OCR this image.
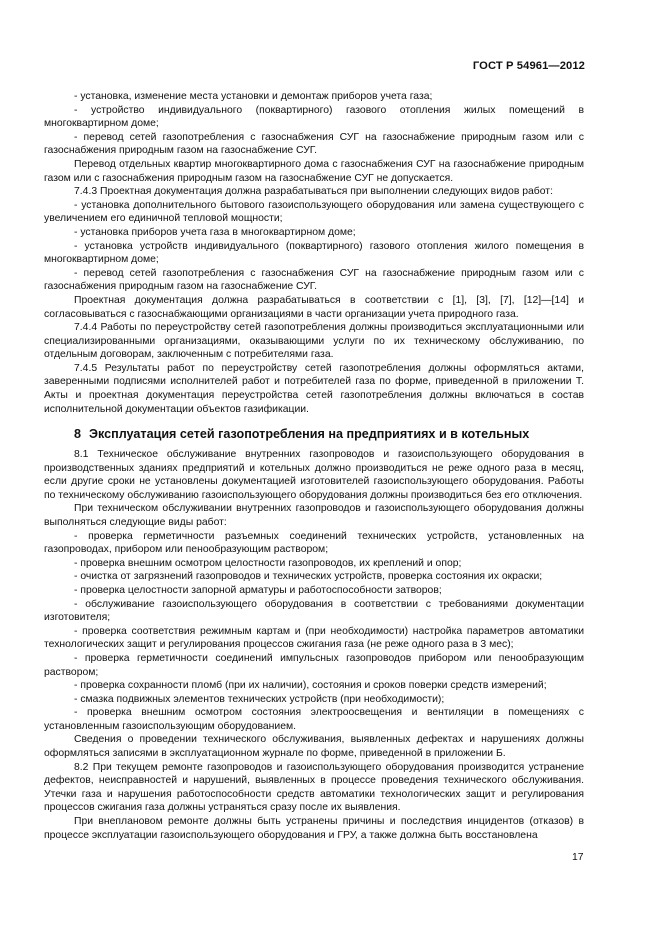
ГОСТ Р 54961—2012

- установка, изменение места установки и демонтаж приборов учета газа;

- устройство индивидуального (поквартирного) газового отопления жилых помещений в многоквартирном доме;

- перевод сетей газопотребления с газоснабжения СУГ на газоснабжение природным газом или с газоснабжения природным газом на газоснабжение СУГ.

Перевод отдельных квартир многоквартирного дома с газоснабжения СУГ на газоснабжение природным газом или с газоснабжения природным газом на газоснабжение СУГ не допускается.

7.4.3 Проектная документация должна разрабатываться при выполнении следующих видов работ:

- установка дополнительного бытового газоиспользующего оборудования или замена существующего с увеличением его единичной тепловой мощности;

- установка приборов учета газа в многоквартирном доме;

- установка устройств индивидуального (поквартирного) газового отопления жилого помещения в многоквартирном доме;

- перевод сетей газопотребления с газоснабжения СУГ на газоснабжение природным газом или с газоснабжения природным газом на газоснабжение СУГ.

Проектная документация должна разрабатываться в соответствии с [1], [3], [7], [12]—[14] и согласовываться с газоснабжающими организациями в части организации учета природного газа.

7.4.4 Работы по переустройству сетей газопотребления должны производиться эксплуатационными или специализированными организациями, оказывающими услуги по их техническому обслуживанию, по отдельным договорам, заключенным с потребителями газа.

7.4.5 Результаты работ по переустройству сетей газопотребления должны оформляться актами, заверенными подписями исполнителей работ и потребителей газа по форме, приведенной в приложении Т. Акты и проектная документация переустройства сетей газопотребления должны включаться в состав исполнительной документации объектов газификации.

8 Эксплуатация сетей газопотребления на предприятиях и в котельных

8.1 Техническое обслуживание внутренних газопроводов и газоиспользующего оборудования в производственных зданиях предприятий и котельных должно производиться не реже одного раза в месяц, если другие сроки не установлены документацией изготовителей газоиспользующего оборудования. Работы по техническому обслуживанию газоиспользующего оборудования должны производиться без его отключения.

При техническом обслуживании внутренних газопроводов и газоиспользующего оборудования должны выполняться следующие виды работ:

- проверка герметичности разъемных соединений технических устройств, установленных на газопроводах, прибором или пенообразующим раствором;

- проверка внешним осмотром целостности газопроводов, их креплений и опор;

- очистка от загрязнений газопроводов и технических устройств, проверка состояния их окраски;

- проверка целостности запорной арматуры и работоспособности затворов;

- обслуживание газоиспользующего оборудования в соответствии с требованиями документации изготовителя;

- проверка соответствия режимным картам и (при необходимости) настройка параметров автоматики технологических защит и регулирования процессов сжигания газа (не реже одного раза в 3 мес);

- проверка герметичности соединений импульсных газопроводов прибором или пенообразующим раствором;

- проверка сохранности пломб (при их наличии), состояния и сроков поверки средств измерений;

- смазка подвижных элементов технических устройств (при необходимости);

- проверка внешним осмотром состояния электроосвещения и вентиляции в помещениях с установленным газоиспользующим оборудованием.

Сведения о проведении технического обслуживания, выявленных дефектах и нарушениях должны оформляться записями в эксплуатационном журнале по форме, приведенной в приложении Б.

8.2 При текущем ремонте газопроводов и газоиспользующего оборудования производится устранение дефектов, неисправностей и нарушений, выявленных в процессе проведения технического обслуживания. Утечки газа и нарушения работоспособности средств автоматики технологических защит и регулирования процессов сжигания газа должны устраняться сразу после их выявления.

При внеплановом ремонте должны быть устранены причины и последствия инцидентов (отказов) в процессе эксплуатации газоиспользующего оборудования и ГРУ, а также должна быть восстановлена

17
